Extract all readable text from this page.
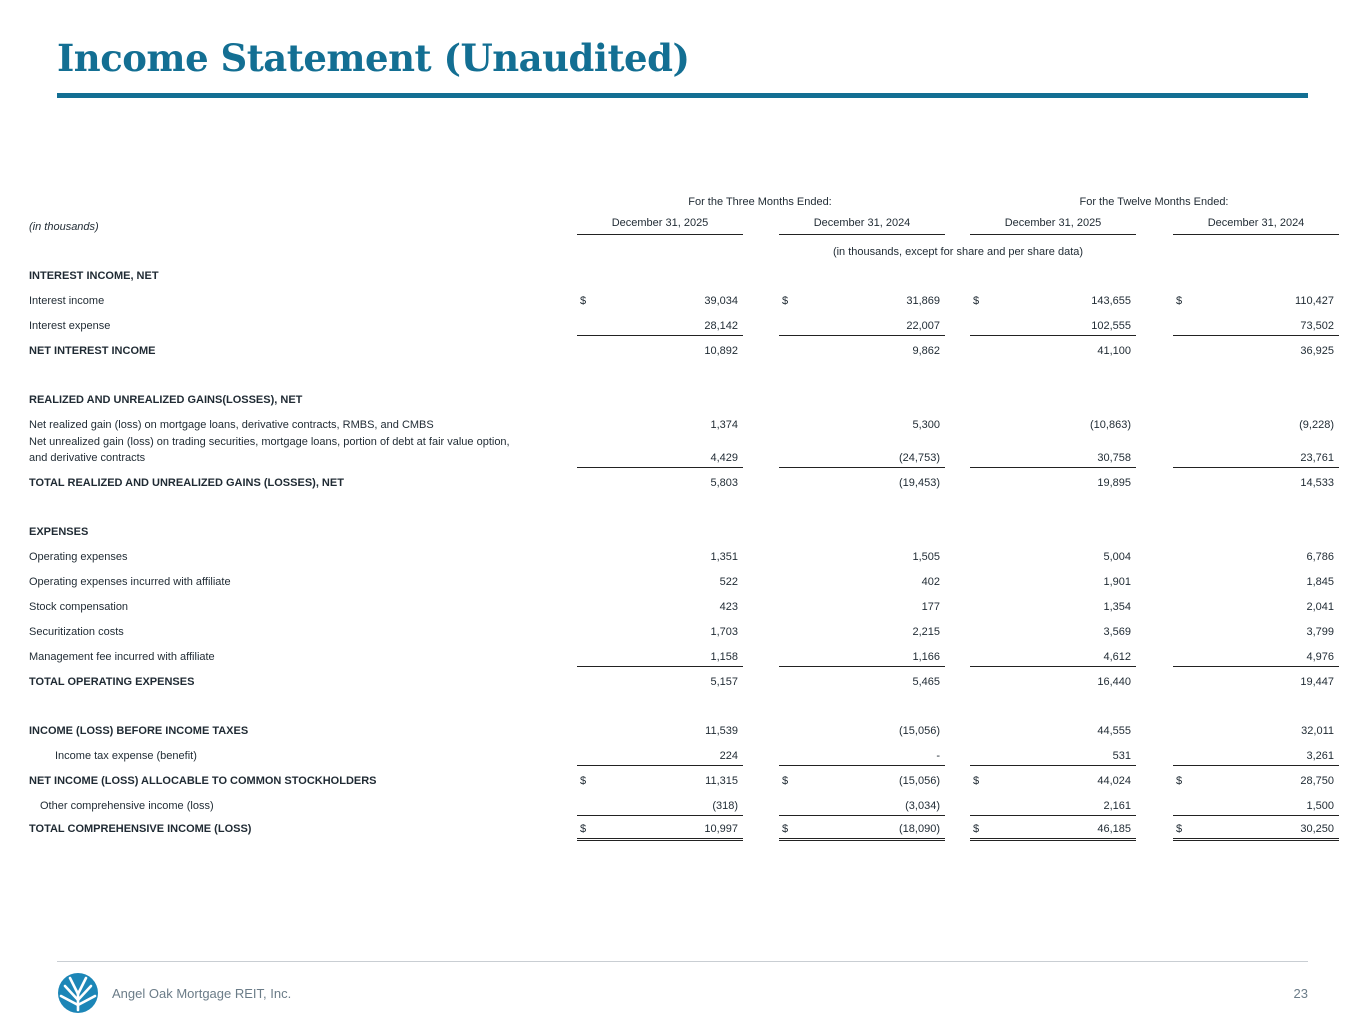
Income Statement (Unaudited)
For the Three Months Ended:	For the Twelve Months Ended:
(in thousands)	December 31, 2025	December 31, 2024	December 31, 2025	December 31, 2024
(in thousands, except for share and per share data)
INTEREST INCOME, NET
Interest income	$	39,034	$	31,869	$	143,655	$	110,427
Interest expense	28,142	22,007	102,555	73,502
NET INTEREST INCOME	10,892	9,862	41,100	36,925
REALIZED AND UNREALIZED GAINS(LOSSES), NET
Net realized gain (loss) on mortgage loans, derivative contracts, RMBS, and CMBS	1,374	5,300	(10,863)	(9,228)
Net unrealized gain (loss) on trading securities, mortgage loans, portion of debt at fair value option,
and derivative contracts	4,429	(24,753)	30,758	23,761
TOTAL REALIZED AND UNREALIZED GAINS (LOSSES), NET	5,803	(19,453)	19,895	14,533
EXPENSES
Operating expenses	1,351	1,505	5,004	6,786
Operating expenses incurred with affiliate	522	402	1,901	1,845
Stock compensation	423	177	1,354	2,041
Securitization costs	1,703	2,215	3,569	3,799
Management fee incurred with affiliate	1,158	1,166	4,612	4,976
TOTAL OPERATING EXPENSES	5,157	5,465	16,440	19,447
INCOME (LOSS) BEFORE INCOME TAXES	11,539	(15,056)	44,555	32,011
Income tax expense (benefit)	224	-	531	3,261
NET INCOME (LOSS) ALLOCABLE TO COMMON STOCKHOLDERS	$	11,315	$	(15,056)	$	44,024	$	28,750
Other comprehensive income (loss)	(318)	(3,034)	2,161	1,500
TOTAL COMPREHENSIVE INCOME (LOSS)	$	10,997	$	(18,090)	$	46,185	$	30,250
Angel Oak Mortgage REIT, Inc.	23
